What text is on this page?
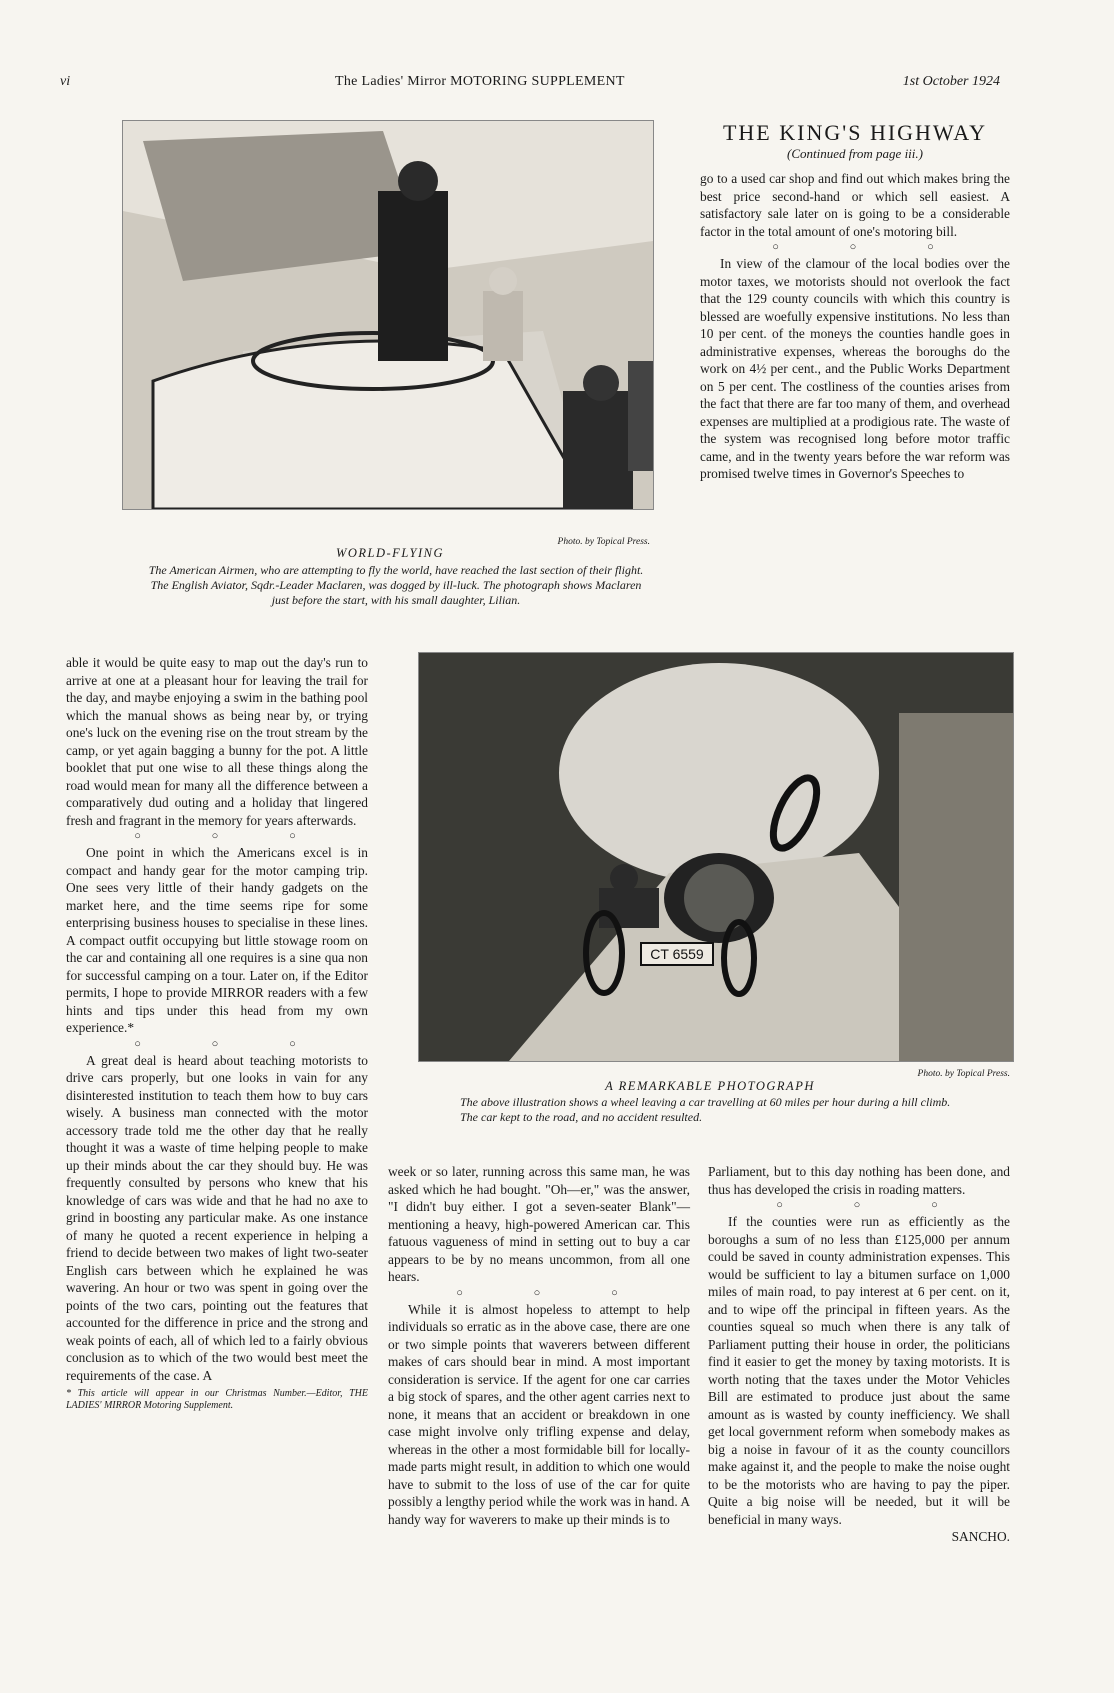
vi	The Ladies' Mirror MOTORING SUPPLEMENT	1st October 1924
Photo. by Topical Press.
WORLD-FLYING
The American Airmen, who are attempting to fly the world, have reached the last section of their flight. The English Aviator, Sqdr.-Leader Maclaren, was dogged by ill-luck. The photograph shows Maclaren just before the start, with his small daughter, Lilian.
THE KING'S HIGHWAY
(Continued from page iii.)

go to a used car shop and find out which makes bring the best price second-hand or which sell easiest. A satisfactory sale later on is going to be a considerable factor in the total amount of one's motoring bill.

○ ○ ○

In view of the clamour of the local bodies over the motor taxes, we motorists should not overlook the fact that the 129 county councils with which this country is blessed are woefully expensive institutions. No less than 10 per cent. of the moneys the counties handle goes in administrative expenses, whereas the boroughs do the work on 4½ per cent., and the Public Works Department on 5 per cent. The costliness of the counties arises from the fact that there are far too many of them, and overhead expenses are multiplied at a prodigious rate. The waste of the system was recognised long before motor traffic came, and in the twenty years before the war reform was promised twelve times in Governor's Speeches to

CT 6559
Photo. by Topical Press.
A REMARKABLE PHOTOGRAPH
The above illustration shows a wheel leaving a car travelling at 60 miles per hour during a hill climb. The car kept to the road, and no accident resulted.

able it would be quite easy to map out the day's run to arrive at one at a pleasant hour for leaving the trail for the day, and maybe enjoying a swim in the bathing pool which the manual shows as being near by, or trying one's luck on the evening rise on the trout stream by the camp, or yet again bagging a bunny for the pot. A little booklet that put one wise to all these things along the road would mean for many all the difference between a comparatively dud outing and a holiday that lingered fresh and fragrant in the memory for years afterwards.

○ ○ ○

One point in which the Americans excel is in compact and handy gear for the motor camping trip. One sees very little of their handy gadgets on the market here, and the time seems ripe for some enterprising business houses to specialise in these lines. A compact outfit occupying but little stowage room on the car and containing all one requires is a sine qua non for successful camping on a tour. Later on, if the Editor permits, I hope to provide MIRROR readers with a few hints and tips under this head from my own experience.*

○ ○ ○

A great deal is heard about teaching motorists to drive cars properly, but one looks in vain for any disinterested institution to teach them how to buy cars wisely. A business man connected with the motor accessory trade told me the other day that he really thought it was a waste of time helping people to make up their minds about the car they should buy. He was frequently consulted by persons who knew that his knowledge of cars was wide and that he had no axe to grind in boosting any particular make. As one instance of many he quoted a recent experience in helping a friend to decide between two makes of light two-seater English cars between which he explained he was wavering. An hour or two was spent in going over the points of the two cars, pointing out the features that accounted for the difference in price and the strong and weak points of each, all of which led to a fairly obvious conclusion as to which of the two would best meet the requirements of the case. A

* This article will appear in our Christmas Number.—Editor, THE LADIES' MIRROR Motoring Supplement.

week or so later, running across this same man, he was asked which he had bought. "Oh—er," was the answer, "I didn't buy either. I got a seven-seater Blank"—mentioning a heavy, high-powered American car. This fatuous vagueness of mind in setting out to buy a car appears to be by no means uncommon, from all one hears.

○ ○ ○

While it is almost hopeless to attempt to help individuals so erratic as in the above case, there are one or two simple points that waverers between different makes of cars should bear in mind. A most important consideration is service. If the agent for one car carries a big stock of spares, and the other agent carries next to none, it means that an accident or breakdown in one case might involve only trifling expense and delay, whereas in the other a most formidable bill for locally-made parts might result, in addition to which one would have to submit to the loss of use of the car for quite possibly a lengthy period while the work was in hand. A handy way for waverers to make up their minds is to

Parliament, but to this day nothing has been done, and thus has developed the crisis in roading matters.

○ ○ ○

If the counties were run as efficiently as the boroughs a sum of no less than £125,000 per annum could be saved in county administration expenses. This would be sufficient to lay a bitumen surface on 1,000 miles of main road, to pay interest at 6 per cent. on it, and to wipe off the principal in fifteen years. As the counties squeal so much when there is any talk of Parliament putting their house in order, the politicians find it easier to get the money by taxing motorists. It is worth noting that the taxes under the Motor Vehicles Bill are estimated to produce just about the same amount as is wasted by county inefficiency. We shall get local government reform when somebody makes as big a noise in favour of it as the county councillors make against it, and the people to make the noise ought to be the motorists who are having to pay the piper. Quite a big noise will be needed, but it will be beneficial in many ways.

SANCHO.
